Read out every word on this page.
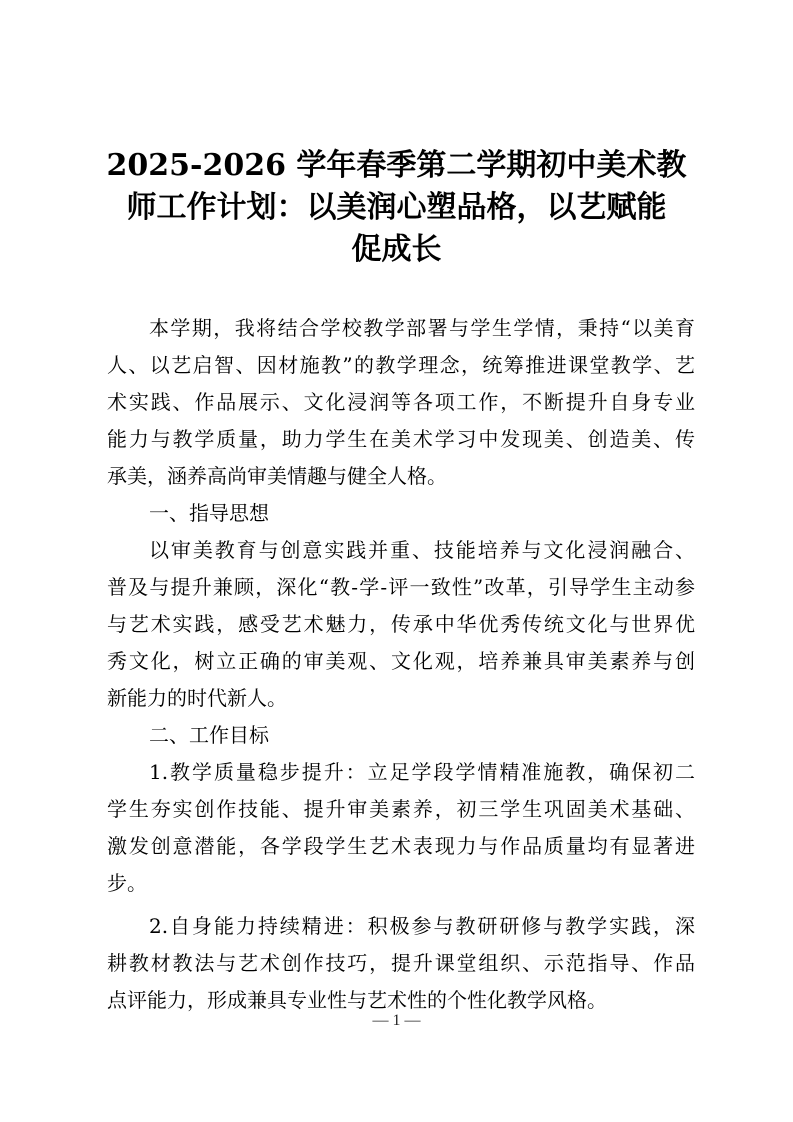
2025-2026 学年春季第二学期初中美术教
师工作计划：以美润心塑品格，以艺赋能
促成长
本学期，我将结合学校教学部署与学生学情，秉持“以美育
人、以艺启智、因材施教”的教学理念，统筹推进课堂教学、艺
术实践、作品展示、文化浸润等各项工作，不断提升自身专业
能力与教学质量，助力学生在美术学习中发现美、创造美、传
承美，涵养高尚审美情趣与健全人格。
一、指导思想
以审美教育与创意实践并重、技能培养与文化浸润融合、
普及与提升兼顾，深化“教-学-评一致性”改革，引导学生主动参
与艺术实践，感受艺术魅力，传承中华优秀传统文化与世界优
秀文化，树立正确的审美观、文化观，培养兼具审美素养与创
新能力的时代新人。
二、工作目标
1.教学质量稳步提升：立足学段学情精准施教，确保初二
学生夯实创作技能、提升审美素养，初三学生巩固美术基础、
激发创意潜能，各学段学生艺术表现力与作品质量均有显著进
步。
2.自身能力持续精进：积极参与教研研修与教学实践，深
耕教材教法与艺术创作技巧，提升课堂组织、示范指导、作品
点评能力，形成兼具专业性与艺术性的个性化教学风格。
— 1 —
